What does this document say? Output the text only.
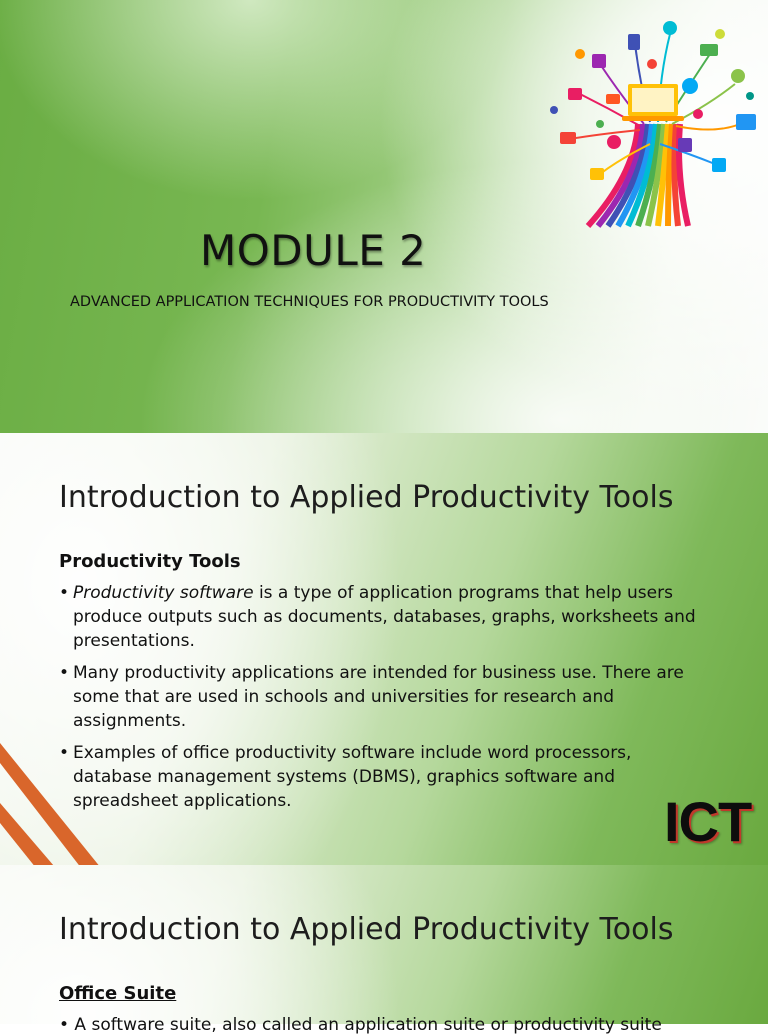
MODULE 2
ADVANCED APPLICATION TECHNIQUES FOR PRODUCTIVITY TOOLS
Introduction to Applied Productivity Tools
Productivity Tools
• Productivity software is a type of application programs that help users produce outputs such as documents, databases, graphs, worksheets and presentations.
• Many productivity applications are intended for business use. There are some that are used in schools and universities for research and assignments.
• Examples of office productivity software include word processors, database management systems (DBMS), graphics software and spreadsheet applications.	ICT
Introduction to Applied Productivity Tools
Office Suite
• A software suite, also called an application suite or productivity suite
